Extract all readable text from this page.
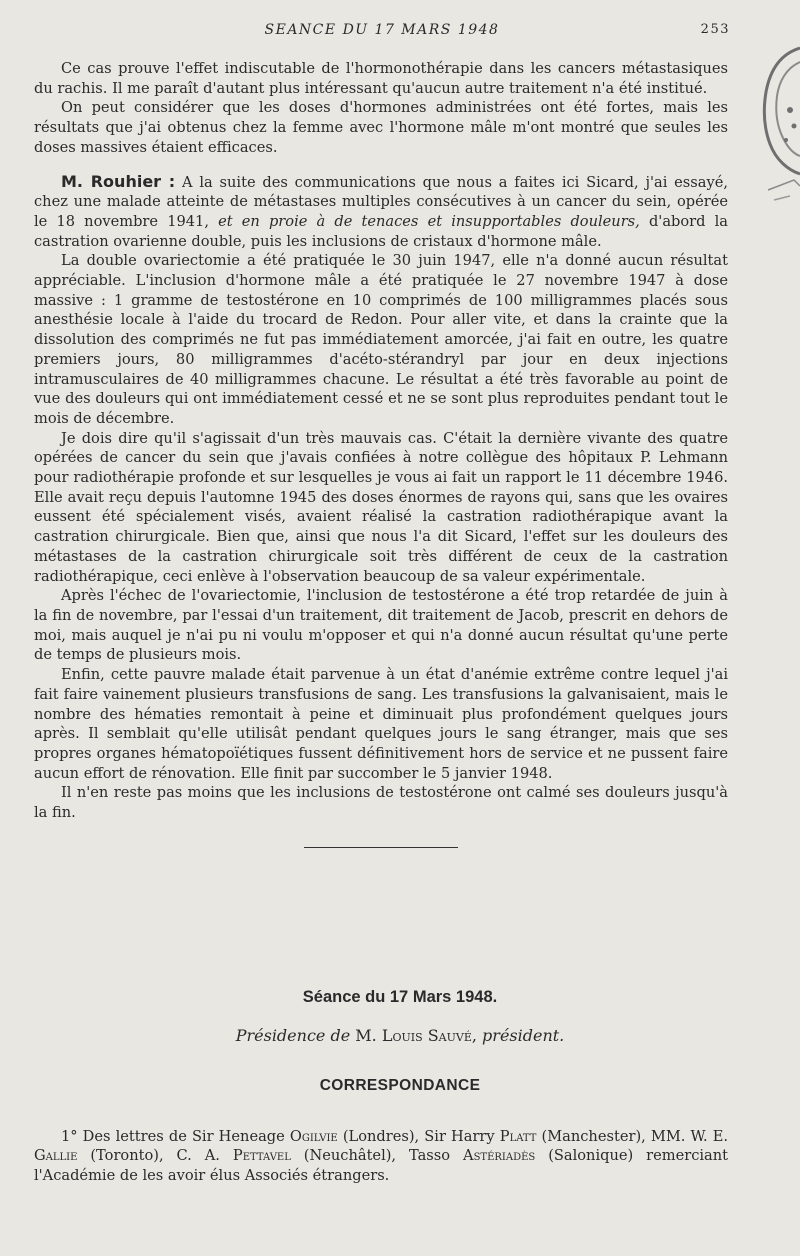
SEANCE DU 17 MARS 1948	253

Ce cas prouve l'effet indiscutable de l'hormonothérapie dans les cancers métastasiques du rachis. Il me paraît d'autant plus intéressant qu'aucun autre traitement n'a été institué.

On peut considérer que les doses d'hormones administrées ont été fortes, mais les résultats que j'ai obtenus chez la femme avec l'hormone mâle m'ont montré que seules les doses massives étaient efficaces.

M. Rouhier : A la suite des communications que nous a faites ici Sicard, j'ai essayé, chez une malade atteinte de métastases multiples consécutives à un cancer du sein, opérée le 18 novembre 1941, et en proie à de tenaces et insupportables douleurs, d'abord la castration ovarienne double, puis les inclusions de cristaux d'hormone mâle.

La double ovariectomie a été pratiquée le 30 juin 1947, elle n'a donné aucun résultat appréciable. L'inclusion d'hormone mâle a été pratiquée le 27 novembre 1947 à dose massive : 1 gramme de testostérone en 10 comprimés de 100 milligrammes placés sous anesthésie locale à l'aide du trocard de Redon. Pour aller vite, et dans la crainte que la dissolution des comprimés ne fut pas immédiatement amorcée, j'ai fait en outre, les quatre premiers jours, 80 milligrammes d'acéto-stérandryl par jour en deux injections intramusculaires de 40 milligrammes chacune. Le résultat a été très favorable au point de vue des douleurs qui ont immédiatement cessé et ne se sont plus reproduites pendant tout le mois de décembre.

Je dois dire qu'il s'agissait d'un très mauvais cas. C'était la dernière vivante des quatre opérées de cancer du sein que j'avais confiées à notre collègue des hôpitaux P. Lehmann pour radiothérapie profonde et sur lesquelles je vous ai fait un rapport le 11 décembre 1946. Elle avait reçu depuis l'automne 1945 des doses énormes de rayons qui, sans que les ovaires eussent été spécialement visés, avaient réalisé la castration radiothérapique avant la castration chirurgicale. Bien que, ainsi que nous l'a dit Sicard, l'effet sur les douleurs des métastases de la castration chirurgicale soit très différent de ceux de la castration radiothérapique, ceci enlève à l'observation beaucoup de sa valeur expérimentale.

Après l'échec de l'ovariectomie, l'inclusion de testostérone a été trop retardée de juin à la fin de novembre, par l'essai d'un traitement, dit traitement de Jacob, prescrit en dehors de moi, mais auquel je n'ai pu ni voulu m'opposer et qui n'a donné aucun résultat qu'une perte de temps de plusieurs mois.

Enfin, cette pauvre malade était parvenue à un état d'anémie extrême contre lequel j'ai fait faire vainement plusieurs transfusions de sang. Les transfusions la galvanisaient, mais le nombre des hématies remontait à peine et diminuait plus profondément quelques jours après. Il semblait qu'elle utilisât pendant quelques jours le sang étranger, mais que ses propres organes hématopoïétiques fussent définitivement hors de service et ne pussent faire aucun effort de rénovation. Elle finit par succomber le 5 janvier 1948.

Il n'en reste pas moins que les inclusions de testostérone ont calmé ses douleurs jusqu'à la fin.

Séance du 17 Mars 1948.
Présidence de M. Louis Sauvé, président.
CORRESPONDANCE

1° Des lettres de Sir Heneage Ogilvie (Londres), Sir Harry Platt (Manchester), MM. W. E. Gallie (Toronto), C. A. Pettavel (Neuchâtel), Tasso Astériadès (Salonique) remerciant l'Académie de les avoir élus Associés étrangers.
